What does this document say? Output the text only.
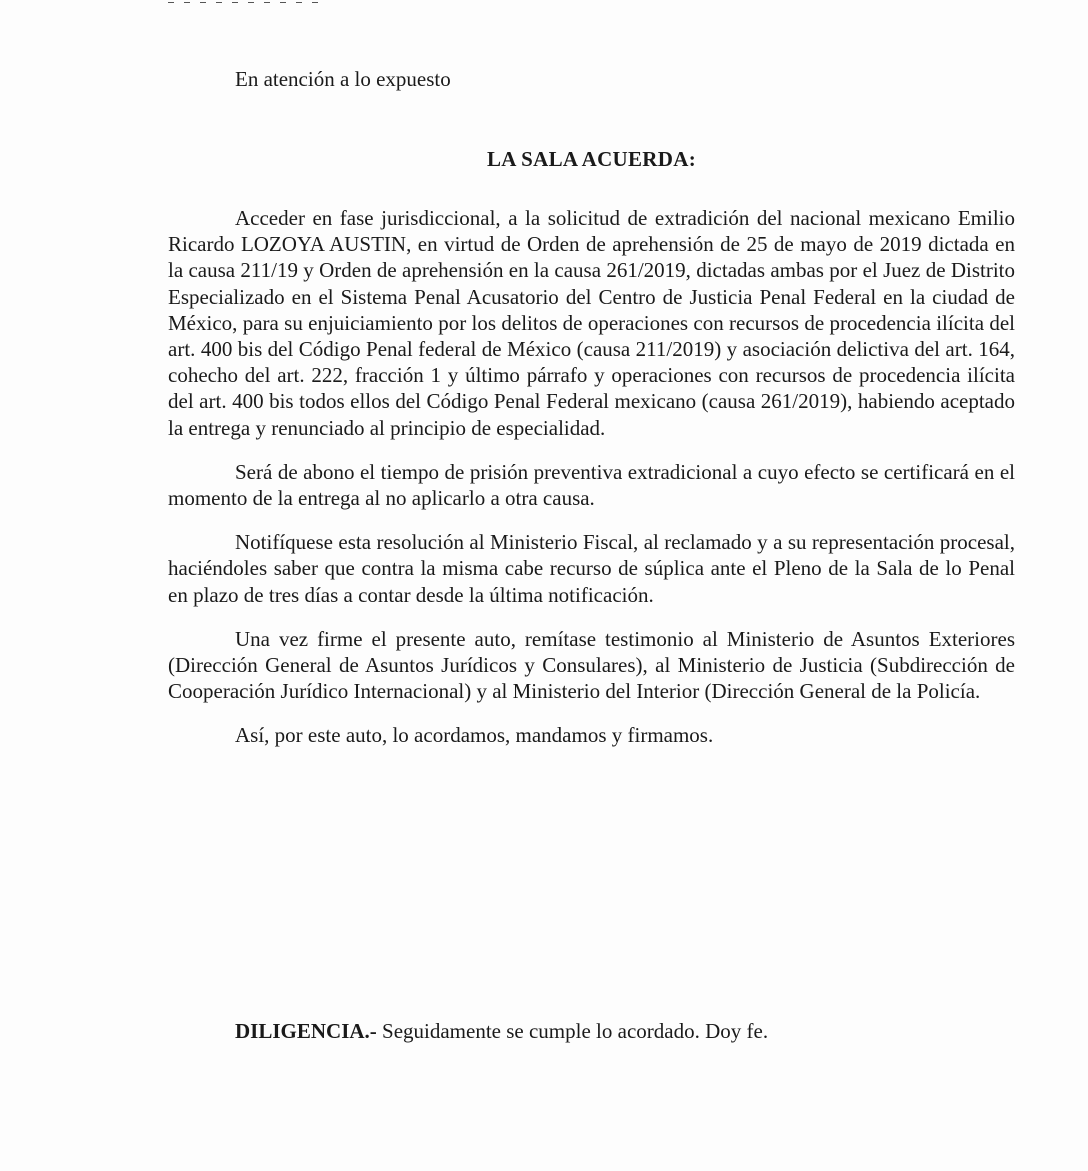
En atención a lo expuesto
LA SALA ACUERDA:

Acceder en fase jurisdiccional, a la solicitud de extradición del nacional mexicano Emilio Ricardo LOZOYA AUSTIN, en virtud de Orden de aprehensión de 25 de mayo de 2019 dictada en la causa 211/19 y Orden de aprehensión en la causa 261/2019, dictadas ambas por el Juez de Distrito Especializado en el Sistema Penal Acusatorio del Centro de Justicia Penal Federal en la ciudad de México, para su enjuiciamiento por los delitos de operaciones con recursos de procedencia ilícita del art. 400 bis del Código Penal federal de México (causa 211/2019) y asociación delictiva del art. 164, cohecho del art. 222, fracción 1 y último párrafo y operaciones con recursos de procedencia ilícita del art. 400 bis todos ellos del Código Penal Federal mexicano (causa 261/2019), habiendo aceptado la entrega y renunciado al principio de especialidad.

Será de abono el tiempo de prisión preventiva extradicional a cuyo efecto se certificará en el momento de la entrega al no aplicarlo a otra causa.

Notifíquese esta resolución al Ministerio Fiscal, al reclamado y a su representación procesal, haciéndoles saber que contra la misma cabe recurso de súplica ante el Pleno de la Sala de lo Penal en plazo de tres días a contar desde la última notificación.

Una vez firme el presente auto, remítase testimonio al Ministerio de Asuntos Exteriores (Dirección General de Asuntos Jurídicos y Consulares), al Ministerio de Justicia (Subdirección de Cooperación Jurídico Internacional) y al Ministerio del Interior (Dirección General de la Policía.

Así, por este auto, lo acordamos, mandamos y firmamos.

DILIGENCIA.- Seguidamente se cumple lo acordado. Doy fe.
